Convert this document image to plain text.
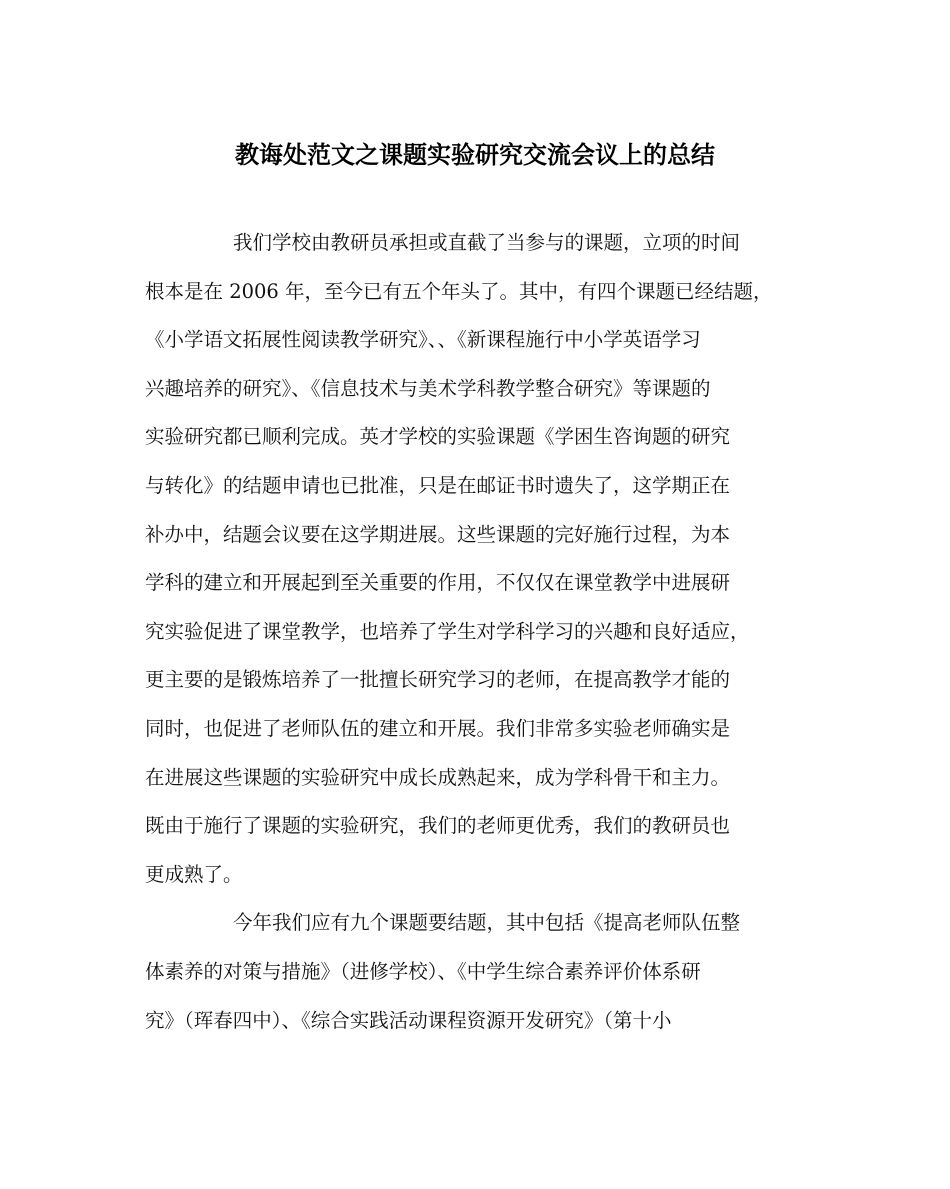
教诲处范文之课题实验研究交流会议上的总结
我们学校由教研员承担或直截了当参与的课题，立项的时间
根本是在 2006 年，至今已有五个年头了。其中，有四个课题已经结题，
《小学语文拓展性阅读教学研究》、、《新课程施行中小学英语学习
兴趣培养的研究》、《信息技术与美术学科教学整合研究》等课题的
实验研究都已顺利完成。英才学校的实验课题《学困生咨询题的研究
与转化》的结题申请也已批准，只是在邮证书时遗失了，这学期正在
补办中，结题会议要在这学期进展。这些课题的完好施行过程，为本
学科的建立和开展起到至关重要的作用，不仅仅在课堂教学中进展研
究实验促进了课堂教学，也培养了学生对学科学习的兴趣和良好适应，
更主要的是锻炼培养了一批擅长研究学习的老师，在提高教学才能的
同时，也促进了老师队伍的建立和开展。我们非常多实验老师确实是
在进展这些课题的实验研究中成长成熟起来，成为学科骨干和主力。
既由于施行了课题的实验研究，我们的老师更优秀，我们的教研员也
更成熟了。
今年我们应有九个课题要结题，其中包括《提高老师队伍整
体素养的对策与措施》（进修学校）、《中学生综合素养评价体系研
究》（珲春四中）、《综合实践活动课程资源开发研究》（第十小
